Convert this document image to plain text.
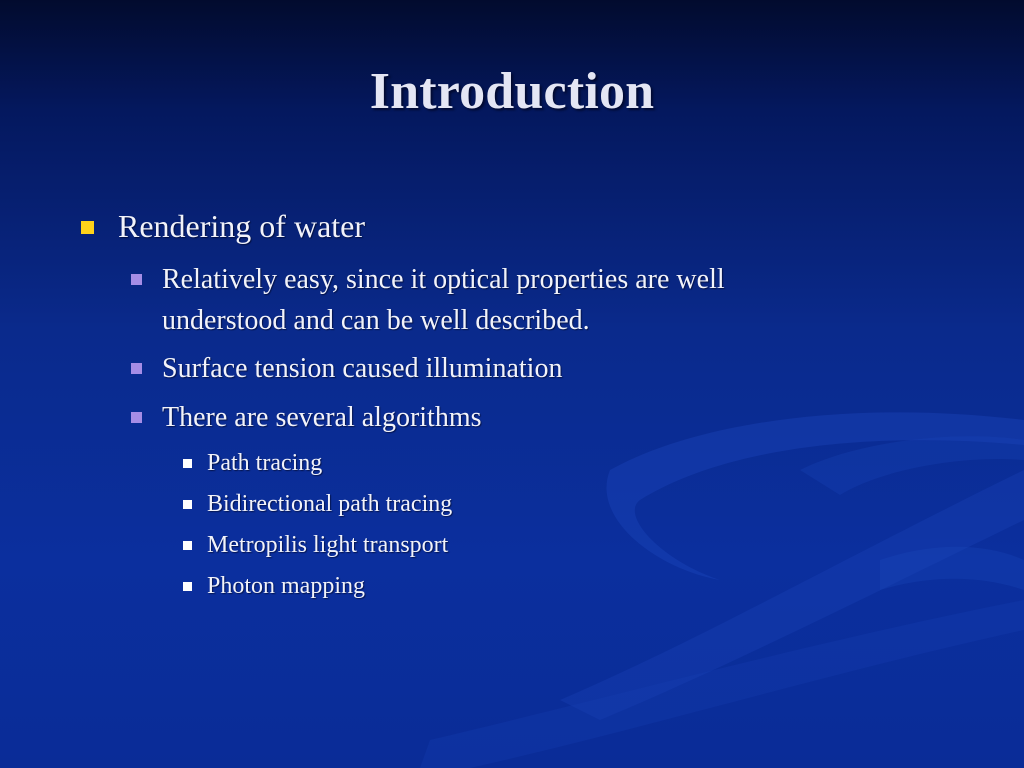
Introduction
Rendering of water
Relatively easy, since it optical properties are well
understood and can be well described.
Surface tension caused illumination
There are several algorithms
Path tracing
Bidirectional path tracing
Metropilis light transport
Photon mapping
